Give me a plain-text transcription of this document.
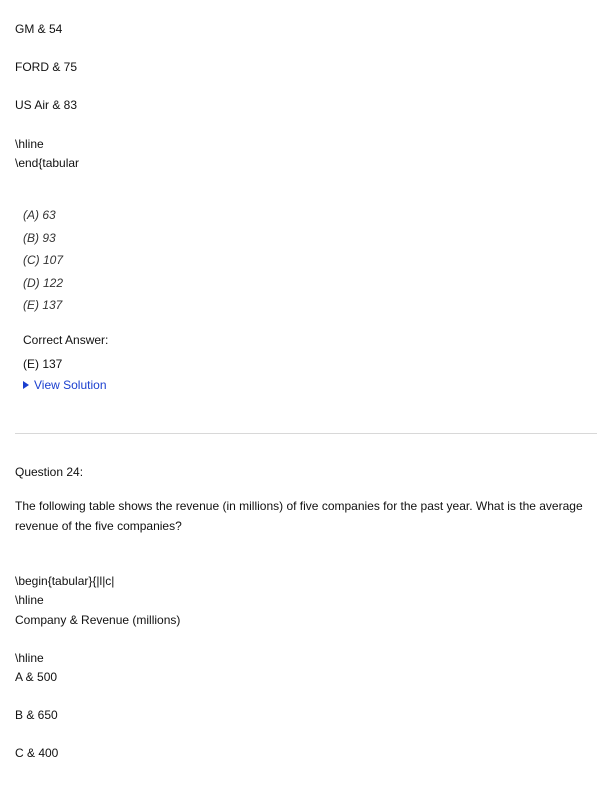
GM & 54
FORD & 75
US Air & 83
\hline
\end{tabular
(A) 63
(B) 93
(C) 107
(D) 122
(E) 137
Correct Answer:
(E) 137
View Solution
Question 24:
The following table shows the revenue (in millions) of five companies for the past year. What is the average revenue of the five companies?
\begin{tabular}{|l|c|
\hline
Company & Revenue (millions)
\hline
A & 500
B & 650
C & 400
